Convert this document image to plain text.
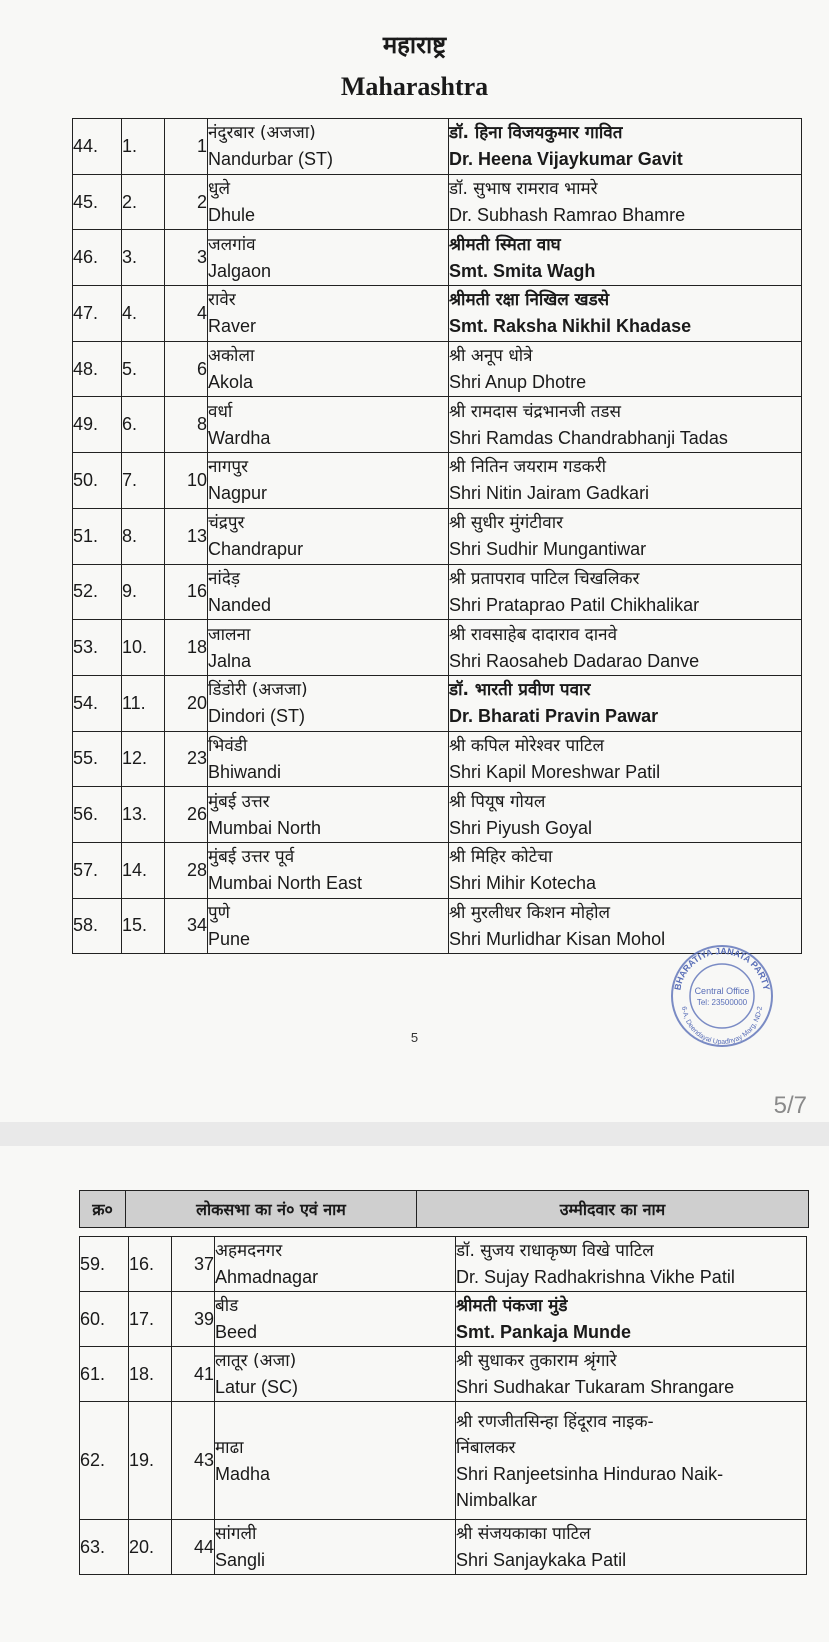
महाराष्ट्र
Maharashtra
44.	1.	1	नंदुरबार (अजजा)
Nandurbar (ST)	डॉ. हिना विजयकुमार गावित
Dr. Heena Vijaykumar Gavit

45.	2.	2	धुले
Dhule	डॉ. सुभाष रामराव भामरे
Dr. Subhash Ramrao Bhamre

46.	3.	3	जलगांव
Jalgaon	श्रीमती स्मिता वाघ
Smt. Smita Wagh

47.	4.	4	रावेर
Raver	श्रीमती रक्षा निखिल खडसे
Smt. Raksha Nikhil Khadase

48.	5.	6	अकोला
Akola	श्री अनूप धोत्रे
Shri Anup Dhotre

49.	6.	8	वर्धा
Wardha	श्री रामदास चंद्रभानजी तडस
Shri Ramdas Chandrabhanji Tadas

50.	7.	10	नागपुर
Nagpur	श्री नितिन जयराम गडकरी
Shri Nitin Jairam Gadkari

51.	8.	13	चंद्रपुर
Chandrapur	श्री सुधीर मुंगंटीवार
Shri Sudhir Mungantiwar

52.	9.	16	नांदेड़
Nanded	श्री प्रतापराव पाटिल चिखलिकर
Shri Prataprao Patil Chikhalikar

53.	10.	18	जालना
Jalna	श्री रावसाहेब दादाराव दानवे
Shri Raosaheb Dadarao Danve

54.	11.	20	डिंडोरी (अजजा)
Dindori (ST)	डॉ. भारती प्रवीण पवार
Dr. Bharati Pravin Pawar

55.	12.	23	भिवंडी
Bhiwandi	श्री कपिल मोरेश्वर पाटिल
Shri Kapil Moreshwar Patil

56.	13.	26	मुंबई उत्तर
Mumbai North	श्री पियूष गोयल
Shri Piyush Goyal

57.	14.	28	मुंबई उत्तर पूर्व
Mumbai North East	श्री मिहिर कोटेचा
Shri Mihir Kotecha

58.	15.	34	पुणे
Pune	श्री मुरलीधर किशन मोहोल
Shri Murlidhar Kisan Mohol
BHARATIYA JANATA PARTY
6-A, Deendayal Upadhyay Marg, ND-2
Central Office
Tel: 23500000
5
5/7
क्र०	लोकसभा का नं० एवं नाम	उम्मीदवार का नाम
59.	16.	37	अहमदनगर
Ahmadnagar	डॉ. सुजय राधाकृष्ण विखे पाटिल
Dr. Sujay Radhakrishna Vikhe Patil

60.	17.	39	बीड
Beed	श्रीमती पंकजा मुंडे
Smt. Pankaja Munde

61.	18.	41	लातूर (अजा)
Latur (SC)	श्री सुधाकर तुकाराम श्रृंगारे
Shri Sudhakar Tukaram Shrangare

62.	19.	43	माढा
Madha	श्री रणजीतसिन्हा हिंदूराव नाइक-
निंबालकर
Shri Ranjeetsinha Hindurao Naik-
Nimbalkar

63.	20.	44	सांगली
Sangli	श्री संजयकाका पाटिल
Shri Sanjaykaka Patil
